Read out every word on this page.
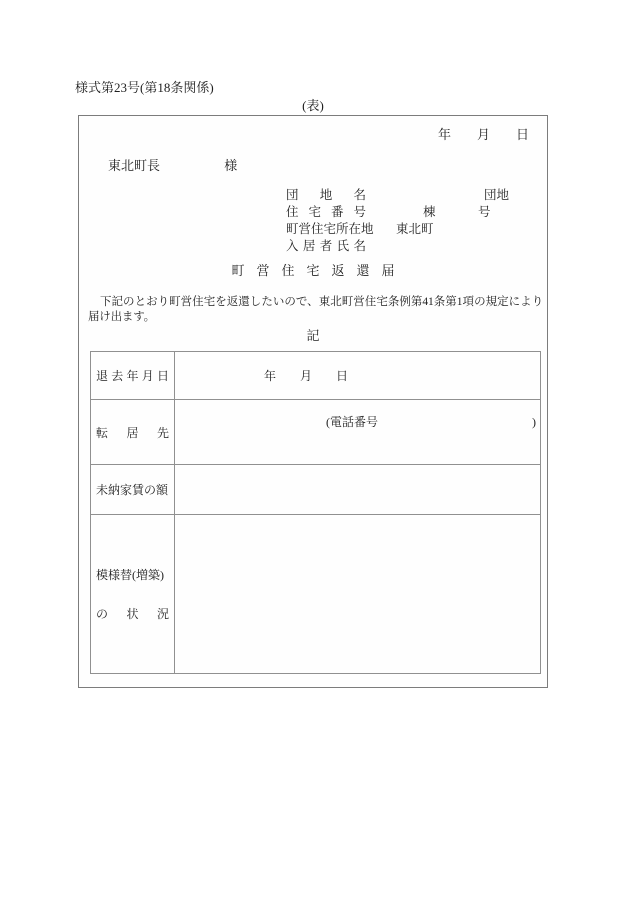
様式第23号(第18条関係)
(表)
年　　月　　日
東北町長	様
団地名	団地
住宅番号	棟	号
町営住宅所在地 東北町
入居者氏名
町営住宅返還届
下記のとおり町営住宅を返還したいので、東北町営住宅条例第41条第1項の規定により届け出ます。
記
退去年月日	年　　月　　日

転居先	(電話番号 )

未納家賃の額	

模様替(増築)
の状況	
